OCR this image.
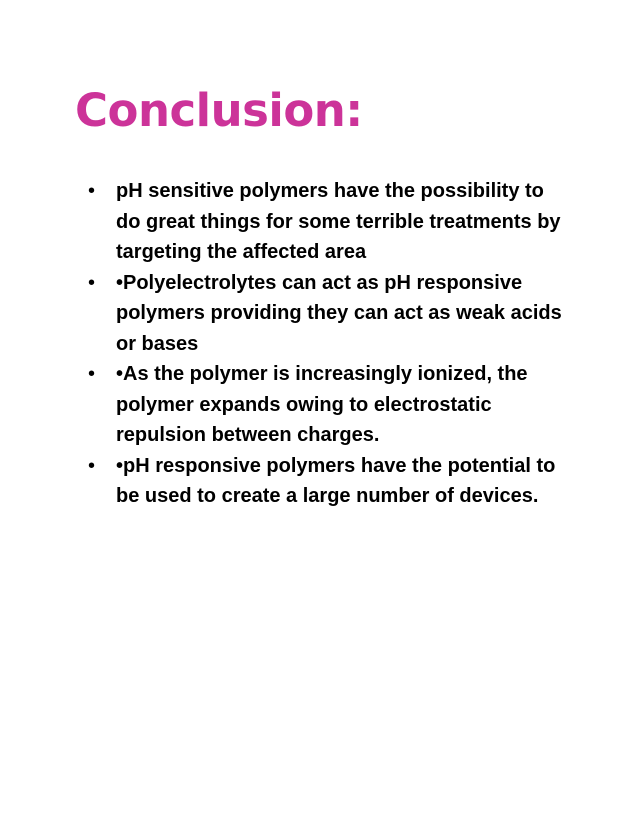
Conclusion:
• pH sensitive polymers have the possibility to do great things for some terrible treatments by targeting the affected area
• •Polyelectrolytes can act as pH responsive polymers providing they can act as weak acids or bases
• •As the polymer is increasingly ionized, the polymer expands owing to electrostatic repulsion between charges.
• •pH responsive polymers have the potential to be used to create a large number of devices.
